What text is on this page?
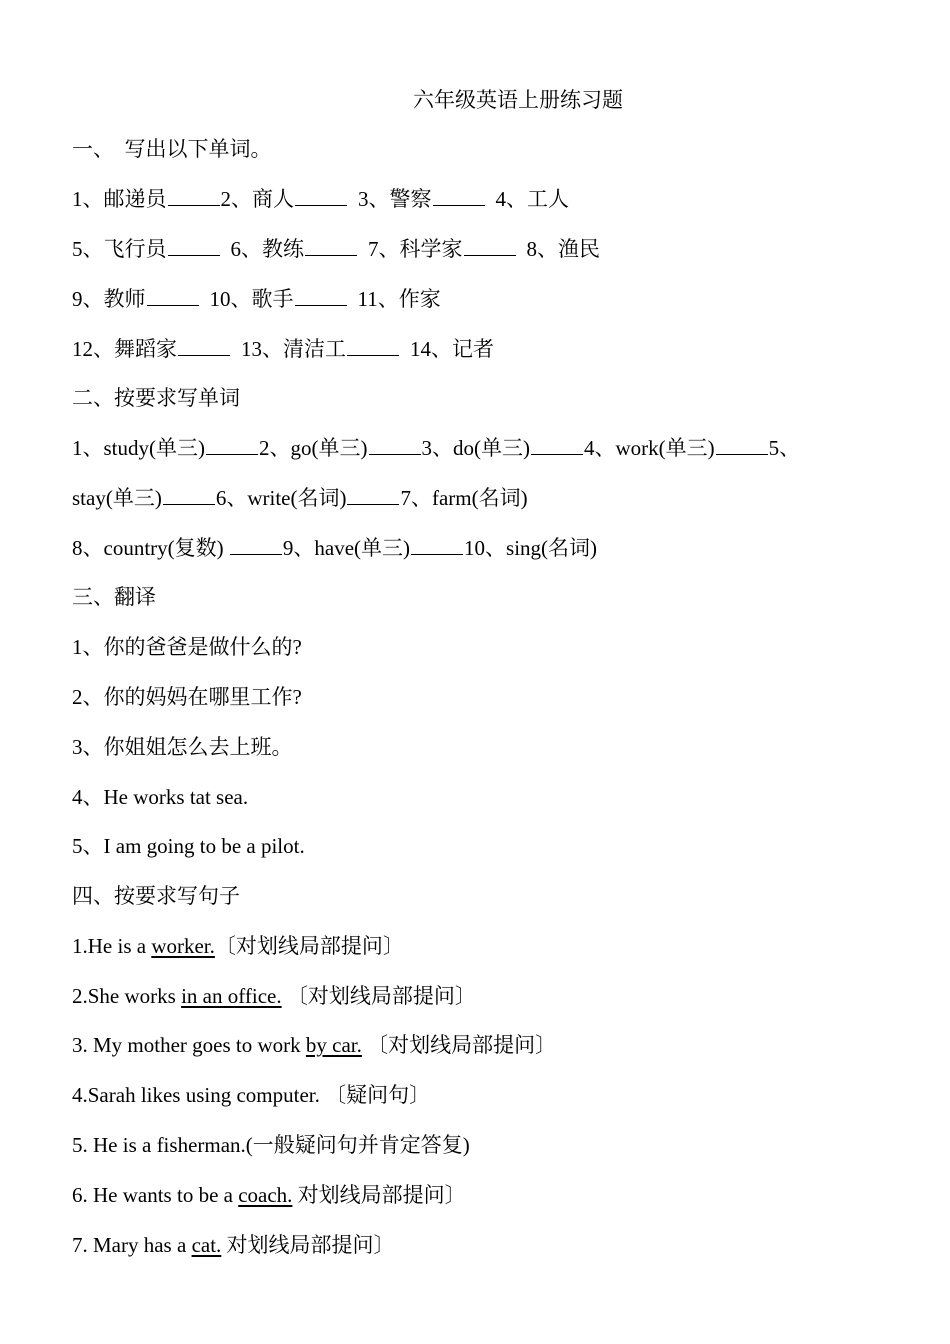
六年级英语上册练习题
一、　写出以下单词。
1、邮递员	2、商人	3、警察	4、工人
5、飞行员	6、教练	7、科学家	8、渔民
9、教师	10、歌手	11、作家
12、舞蹈家	13、清洁工	14、记者
二、按要求写单词
1、study(单三)	2、go(单三)	3、do(单三)	4、work(单三)	5、
stay(单三)	6、write(名词)	7、farm(名词)
8、country(复数)	9、have(单三)	10、sing(名词)
三、翻译
1、你的爸爸是做什么的?
2、你的妈妈在哪里工作?
3、你姐姐怎么去上班。
4、He works tat sea.
5、I am going to be a pilot.
四、按要求写句子
1.He is a worker.〔对划线局部提问〕
2.She works in an office. 〔对划线局部提问〕
3. My mother goes to work by car. 〔对划线局部提问〕
4.Sarah likes using computer. 〔疑问句〕
5. He is a fisherman.(一般疑问句并肯定答复)
6. He wants to be a coach. 对划线局部提问〕
7. Mary has a cat. 对划线局部提问〕
